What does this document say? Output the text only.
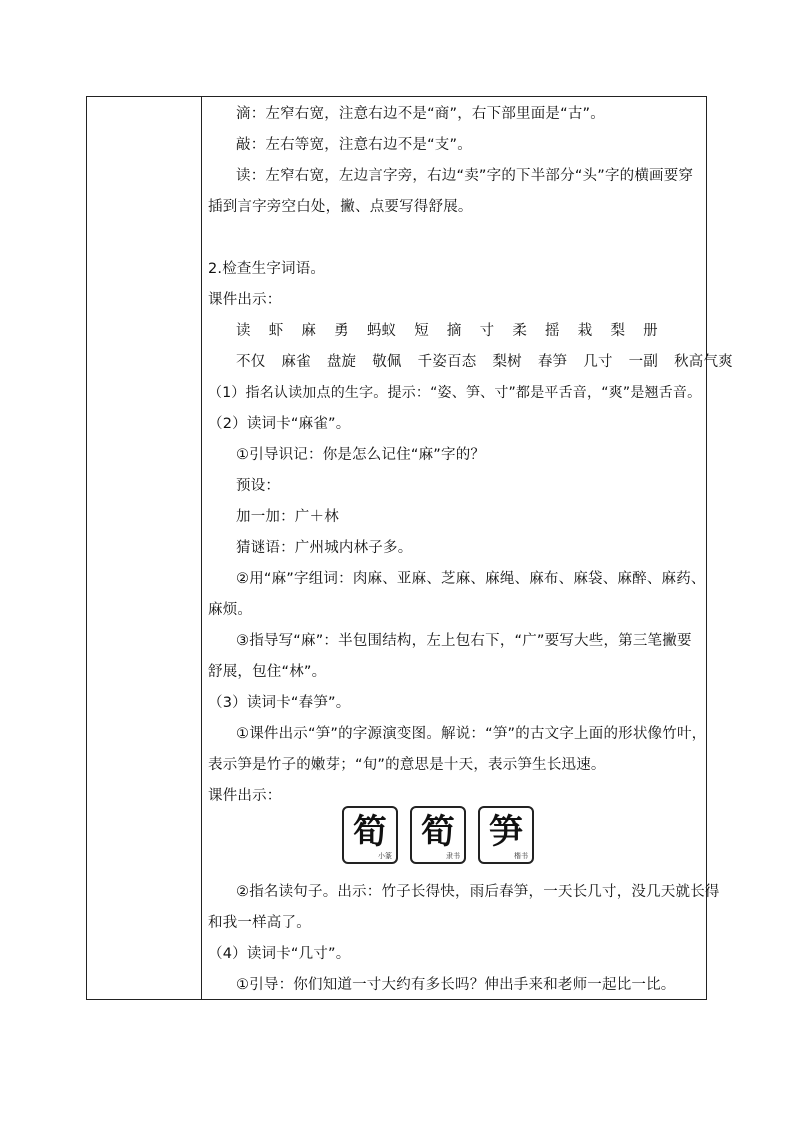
滴：左窄右宽，注意右边不是“商”，右下部里面是“古”。
敲：左右等宽，注意右边不是“支”。
读：左窄右宽，左边言字旁，右边“卖”字的下半部分“头”字的横画要穿
插到言字旁空白处，撇、点要写得舒展。
2.检查生字词语。
课件出示：
读 虾 麻 勇 蚂蚁 短 摘 寸 柔 摇 栽 梨 册
不仅 麻雀 盘旋 敬佩 千姿百态 梨树 春笋 几寸 一副 秋高气爽
（1）指名认读加点的生字。提示：“姿、笋、寸”都是平舌音，“爽”是翘舌音。
（2）读词卡“麻雀”。
①引导识记：你是怎么记住“麻”字的？
预设：
加一加：广＋林
猜谜语：广州城内林子多。
②用“麻”字组词：肉麻、亚麻、芝麻、麻绳、麻布、麻袋、麻醉、麻药、
麻烦。
③指导写“麻”：半包围结构，左上包右下，“广”要写大些，第三笔撇要
舒展，包住“林”。
（3）读词卡“春笋”。
①课件出示“笋”的字源演变图。解说：“笋”的古文字上面的形状像竹叶，
表示笋是竹子的嫩芽；“旬”的意思是十天，表示笋生长迅速。
课件出示：
筍
小篆
筍
隶书
笋
楷书
②指名读句子。出示：竹子长得快，雨后春笋，一天长几寸，没几天就长得
和我一样高了。
（4）读词卡“几寸”。
①引导：你们知道一寸大约有多长吗？伸出手来和老师一起比一比。
